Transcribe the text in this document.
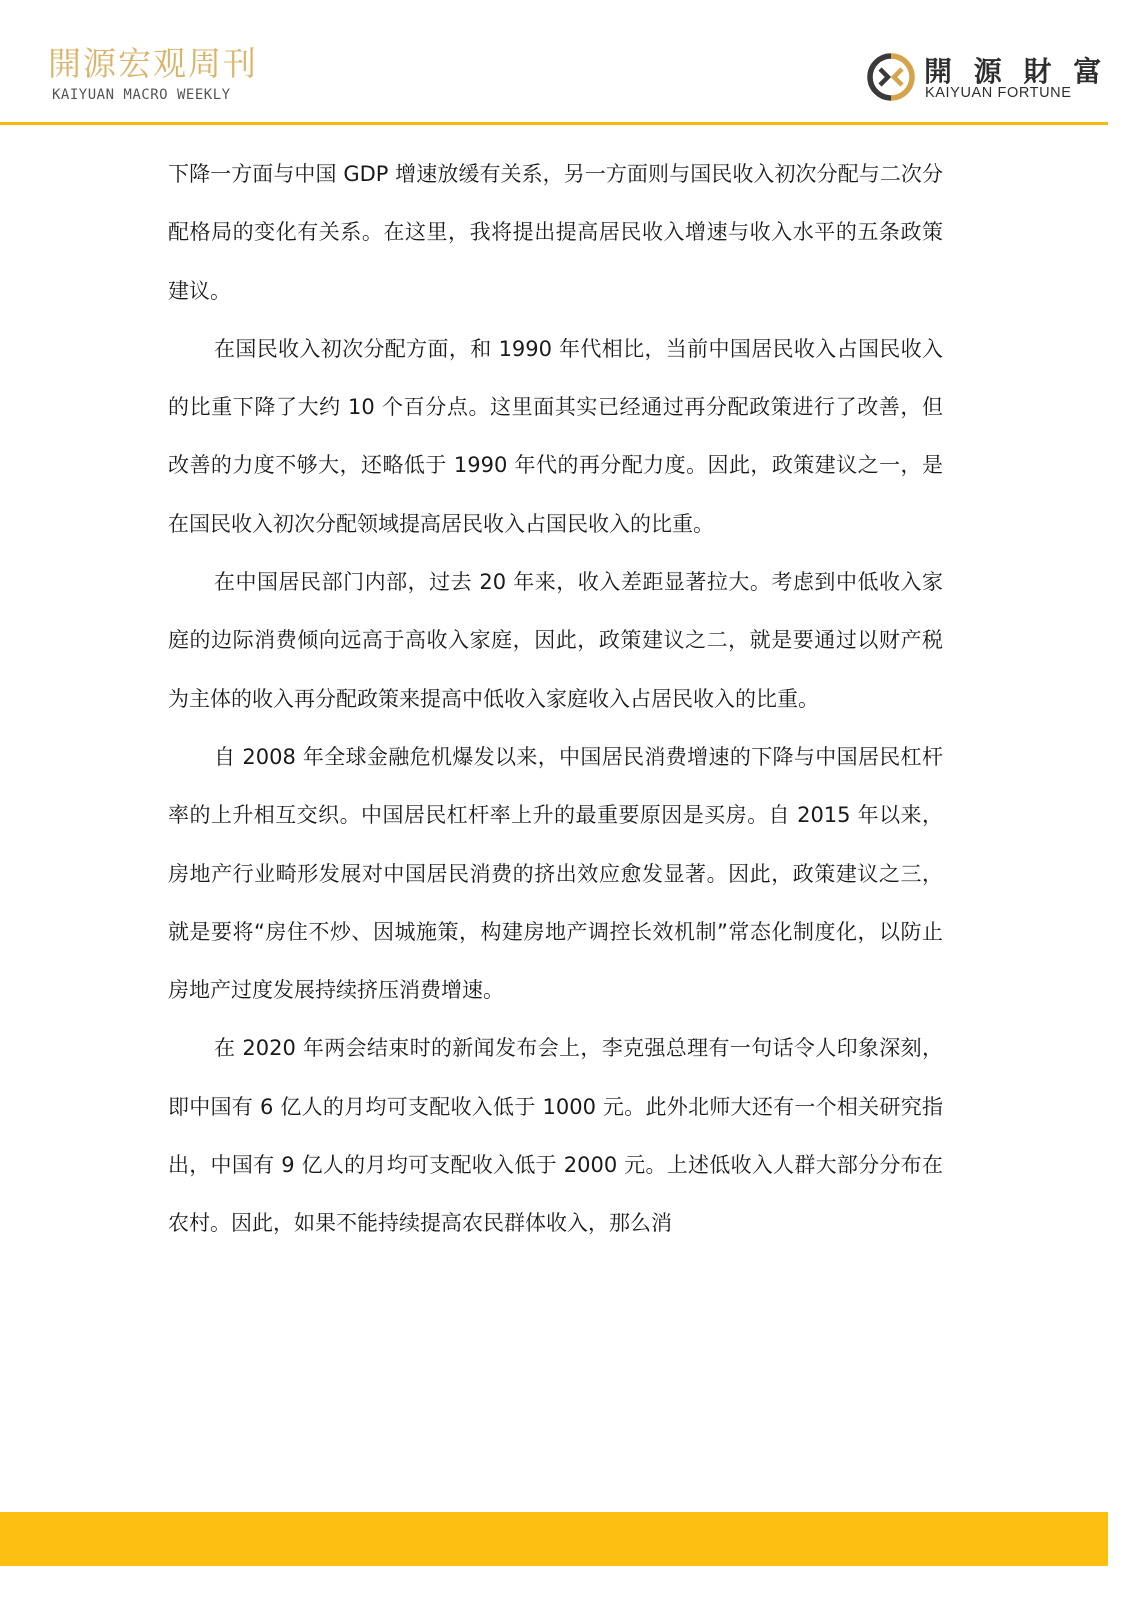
開源宏观周刊
KAIYUAN MACRO WEEKLY
開 源 財 富
KAIYUAN FORTUNE

下降一方面与中国 GDP 增速放缓有关系，另一方面则与国民收入初次分配与二次分配格局的变化有关系。在这里，我将提出提高居民收入增速与收入水平的五条政策建议。

在国民收入初次分配方面，和 1990 年代相比，当前中国居民收入占国民收入的比重下降了大约 10 个百分点。这里面其实已经通过再分配政策进行了改善，但改善的力度不够大，还略低于 1990 年代的再分配力度。因此，政策建议之一，是在国民收入初次分配领域提高居民收入占国民收入的比重。

在中国居民部门内部，过去 20 年来，收入差距显著拉大。考虑到中低收入家庭的边际消费倾向远高于高收入家庭，因此，政策建议之二，就是要通过以财产税为主体的收入再分配政策来提高中低收入家庭收入占居民收入的比重。

自 2008 年全球金融危机爆发以来，中国居民消费增速的下降与中国居民杠杆率的上升相互交织。中国居民杠杆率上升的最重要原因是买房。自 2015 年以来，房地产行业畸形发展对中国居民消费的挤出效应愈发显著。因此，政策建议之三，就是要将“房住不炒、因城施策，构建房地产调控长效机制”常态化制度化，以防止房地产过度发展持续挤压消费增速。

在 2020 年两会结束时的新闻发布会上，李克强总理有一句话令人印象深刻，即中国有 6 亿人的月均可支配收入低于 1000 元。此外北师大还有一个相关研究指出，中国有 9 亿人的月均可支配收入低于 2000 元。上述低收入人群大部分分布在农村。因此，如果不能持续提高农民群体收入，那么消
